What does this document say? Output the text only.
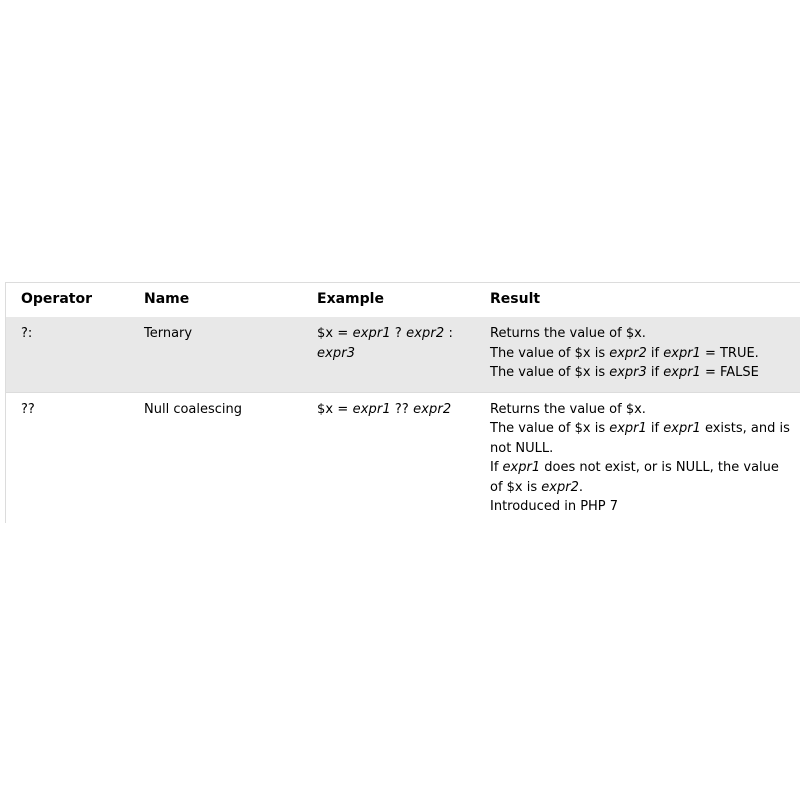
Operator	Name	Example	Result
?:	Ternary	$x = expr1 ? expr2 : expr3	Returns the value of $x.
The value of $x is expr2 if expr1 = TRUE.
The value of $x is expr3 if expr1 = FALSE

??	Null coalescing	$x = expr1 ?? expr2	Returns the value of $x.
The value of $x is expr1 if expr1 exists, and is not NULL.
If expr1 does not exist, or is NULL, the value of $x is expr2.
Introduced in PHP 7
